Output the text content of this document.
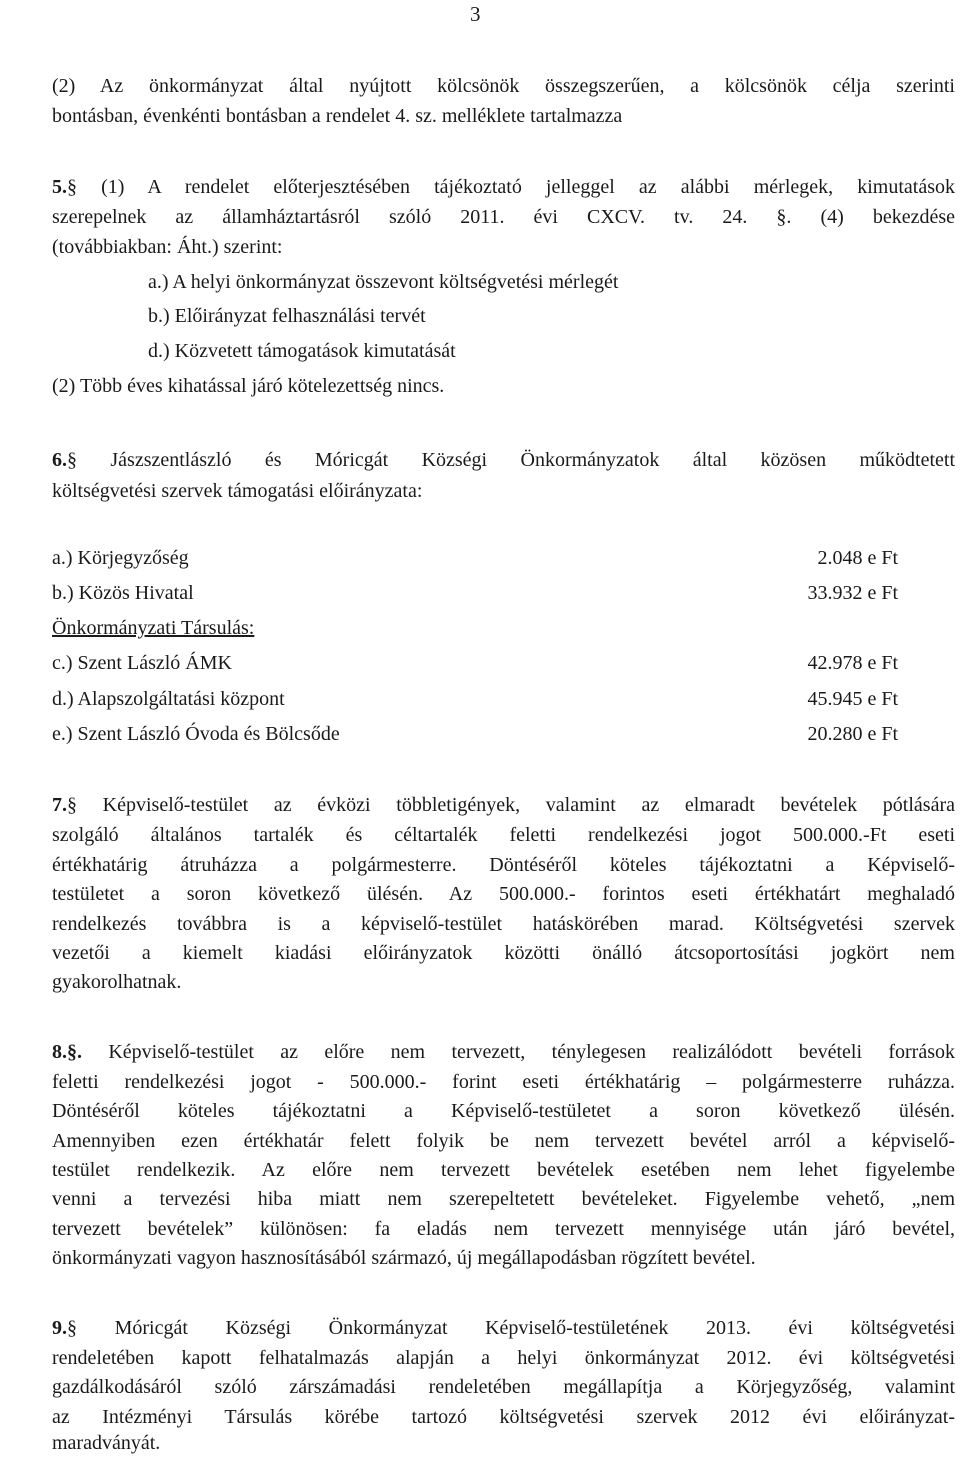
3
(2) Az önkormányzat által nyújtott kölcsönök összegszerűen, a kölcsönök célja szerinti
bontásban, évenkénti bontásban a rendelet 4. sz. melléklete tartalmazza
5.§ (1) A rendelet előterjesztésében tájékoztató jelleggel az alábbi mérlegek, kimutatások
szerepelnek az államháztartásról szóló 2011. évi CXCV. tv. 24. §. (4) bekezdése
(továbbiakban: Áht.) szerint:
a.) A helyi önkormányzat összevont költségvetési mérlegét
b.) Előirányzat felhasználási tervét
d.) Közvetett támogatások kimutatását
(2) Több éves kihatással járó kötelezettség nincs.
6.§ Jászszentlászló és Móricgát Községi Önkormányzatok által közösen működtetett
költségvetési szervek támogatási előirányzata:
a.) Körjegyzőség	2.048 e Ft
b.) Közös Hivatal	33.932 e Ft
Önkormányzati Társulás:
c.) Szent László ÁMK	42.978 e Ft
d.) Alapszolgáltatási központ	45.945 e Ft
e.) Szent László Óvoda és Bölcsőde	20.280 e Ft
7.§ Képviselő-testület az évközi többletigények, valamint az elmaradt bevételek pótlására
szolgáló általános tartalék és céltartalék feletti rendelkezési jogot 500.000.-Ft eseti
értékhatárig átruházza a polgármesterre. Döntéséről köteles tájékoztatni a Képviselő-
testületet a soron következő ülésén. Az 500.000.- forintos eseti értékhatárt meghaladó
rendelkezés továbbra is a képviselő-testület hatáskörében marad. Költségvetési szervek
vezetői a kiemelt kiadási előirányzatok közötti önálló átcsoportosítási jogkört nem
gyakorolhatnak.
8.§. Képviselő-testület az előre nem tervezett, ténylegesen realizálódott bevételi források
feletti rendelkezési jogot - 500.000.- forint eseti értékhatárig – polgármesterre ruházza.
Döntéséről köteles tájékoztatni a Képviselő-testületet a soron következő ülésén.
Amennyiben ezen értékhatár felett folyik be nem tervezett bevétel arról a képviselő-
testület rendelkezik. Az előre nem tervezett bevételek esetében nem lehet figyelembe
venni a tervezési hiba miatt nem szerepeltetett bevételeket. Figyelembe vehető, „nem
tervezett bevételek” különösen: fa eladás nem tervezett mennyisége után járó bevétel,
önkormányzati vagyon hasznosításából származó, új megállapodásban rögzített bevétel.
9.§ Móricgát Községi Önkormányzat Képviselő-testületének 2013. évi költségvetési
rendeletében kapott felhatalmazás alapján a helyi önkormányzat 2012. évi költségvetési
gazdálkodásáról szóló zárszámadási rendeletében megállapítja a Körjegyzőség, valamint
az Intézményi Társulás körébe tartozó költségvetési szervek 2012 évi előirányzat-
maradványát.
